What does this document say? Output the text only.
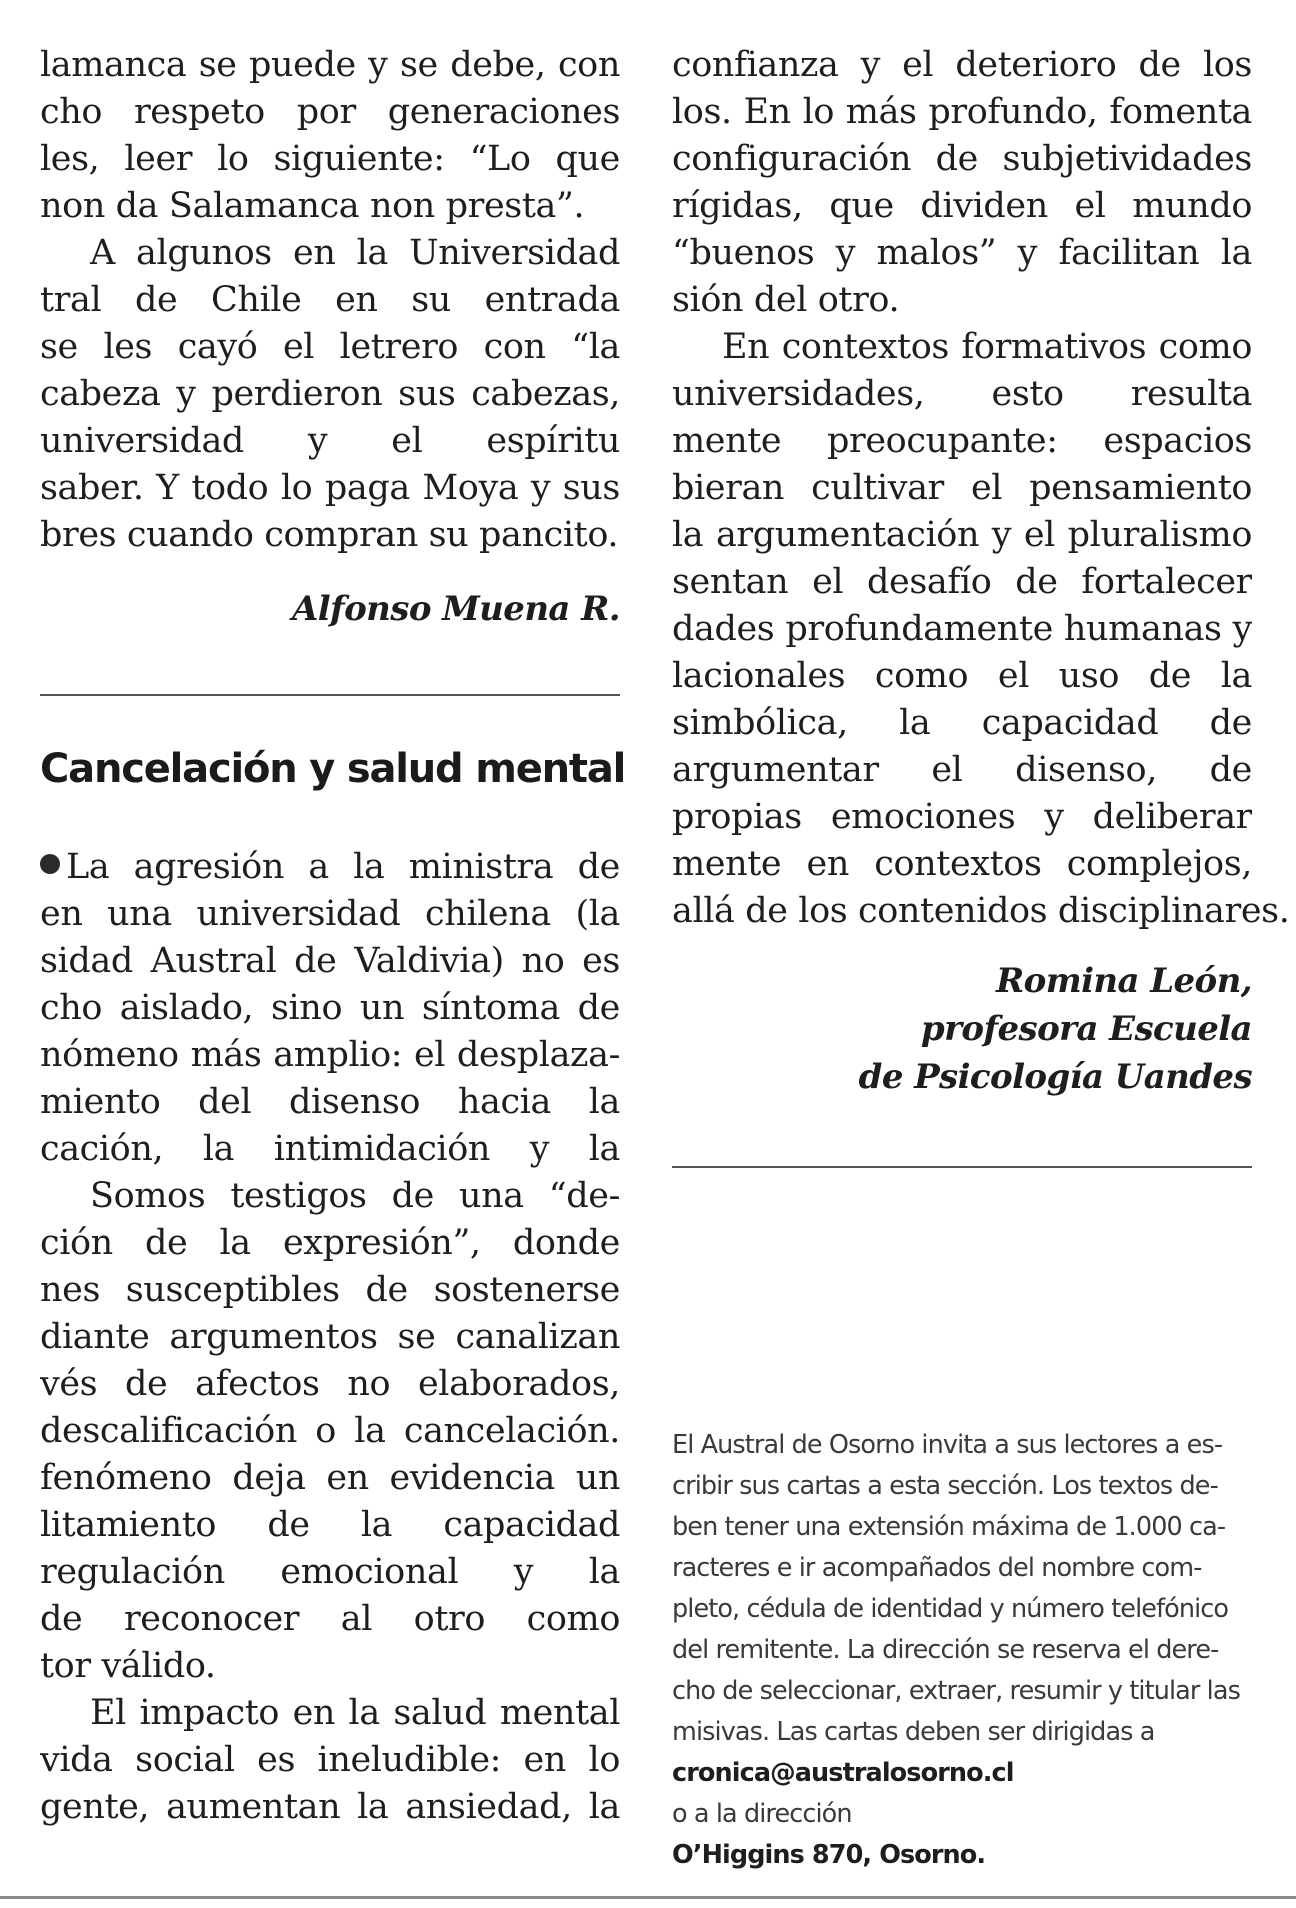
lamanca se puede y se debe, con
cho respeto por generaciones
les, leer lo siguiente: “Lo que
non da Salamanca non presta”.
A algunos en la Universidad
tral de Chile en su entrada
se les cayó el letrero con “la
cabeza y perdieron sus cabezas,
universidad y el espíritu
saber. Y todo lo paga Moya y sus
bres cuando compran su pancito.
Alfonso Muena R.
Cancelación y salud mental
La agresión a la ministra de
en una universidad chilena (la
sidad Austral de Valdivia) no es
cho aislado, sino un síntoma de
nómeno más amplio: el desplaza-
miento del disenso hacia la
cación, la intimidación y la
Somos testigos de una “de-
ción de la expresión”, donde
nes susceptibles de sostenerse
diante argumentos se canalizan
vés de afectos no elaborados,
descalificación o la cancelación.
fenómeno deja en evidencia un
litamiento de la capacidad
regulación emocional y la
de reconocer al otro como
tor válido.
El impacto en la salud mental
vida social es ineludible: en lo
gente, aumentan la ansiedad, la
confianza y el deterioro de los
los. En lo más profundo, fomenta
configuración de subjetividades
rígidas, que dividen el mundo
“buenos y malos” y facilitan la
sión del otro.
En contextos formativos como
universidades, esto resulta
mente preocupante: espacios
bieran cultivar el pensamiento
la argumentación y el pluralismo
sentan el desafío de fortalecer
dades profundamente humanas y
lacionales como el uso de la
simbólica, la capacidad de
argumentar el disenso, de
propias emociones y deliberar
mente en contextos complejos,
allá de los contenidos disciplinares.
Romina León,
profesora Escuela
de Psicología Uandes
El Austral de Osorno invita a sus lectores a es-
cribir sus cartas a esta sección. Los textos de-
ben tener una extensión máxima de 1.000 ca-
racteres e ir acompañados del nombre com-
pleto, cédula de identidad y número telefónico
del remitente. La dirección se reserva el dere-
cho de seleccionar, extraer, resumir y titular las
misivas. Las cartas deben ser dirigidas a
cronica@australosorno.cl
o a la dirección
O’Higgins 870, Osorno.
